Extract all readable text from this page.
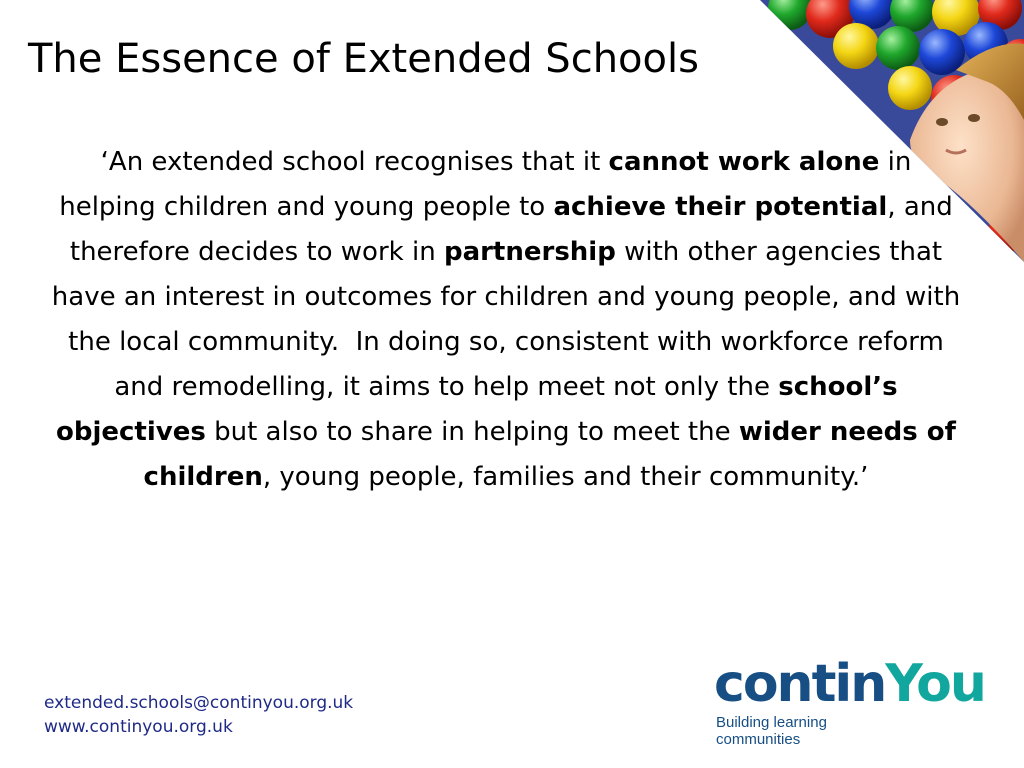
The Essence of Extended Schools
‘An extended school recognises that it cannot work alone in helping children and young people to achieve their potential, and therefore decides to work in partnership with other agencies that have an interest in outcomes for children and young people, and with the local community.  In doing so, consistent with workforce reform and remodelling, it aims to help meet not only the school’s objectives but also to share in helping to meet the wider needs of children, young people, families and their community.’
extended.schools@continyou.org.uk
www.continyou.org.uk
continYou
Building learning
communities
